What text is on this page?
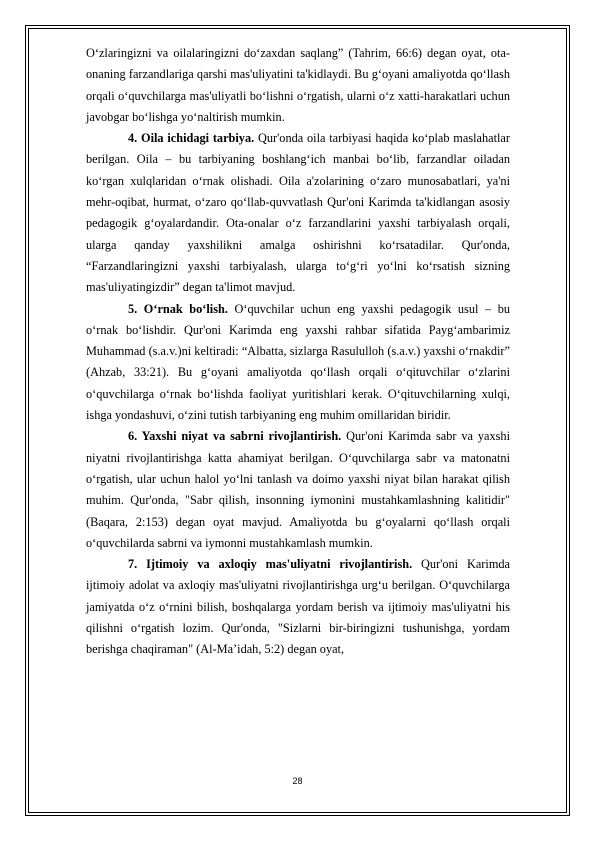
O‘zlaringizni va oilalaringizni do‘zaxdan saqlang” (Tahrim, 66:6) degan oyat, ota-onaning farzandlariga qarshi mas'uliyatini ta'kidlaydi. Bu g‘oyani amaliyotda qo‘llash orqali o‘quvchilarga mas'uliyatli bo‘lishni o‘rgatish, ularni o‘z xatti-harakatlari uchun javobgar bo‘lishga yo‘naltirish mumkin.

4. Oila ichidagi tarbiya. Qur'onda oila tarbiyasi haqida ko‘plab maslahatlar berilgan. Oila – bu tarbiyaning boshlang‘ich manbai bo‘lib, farzandlar oiladan ko‘rgan xulqlaridan o‘rnak olishadi. Oila a'zolarining o‘zaro munosabatlari, ya'ni mehr-oqibat, hurmat, o‘zaro qo‘llab-quvvatlash Qur'oni Karimda ta'kidlangan asosiy pedagogik g‘oyalardandir. Ota-onalar o‘z farzandlarini yaxshi tarbiyalash orqali, ularga qanday yaxshilikni amalga oshirishni ko‘rsatadilar. Qur'onda, “Farzandlaringizni yaxshi tarbiyalash, ularga to‘g‘ri yo‘lni ko‘rsatish sizning mas'uliyatingizdir” degan ta'limot mavjud.

5. O‘rnak bo‘lish. O‘quvchilar uchun eng yaxshi pedagogik usul – bu o‘rnak bo‘lishdir. Qur'oni Karimda eng yaxshi rahbar sifatida Payg‘ambarimiz Muhammad (s.a.v.)ni keltiradi: “Albatta, sizlarga Rasululloh (s.a.v.) yaxshi o‘rnakdir” (Ahzab, 33:21). Bu g‘oyani amaliyotda qo‘llash orqali o‘qituvchilar o‘zlarini o‘quvchilarga o‘rnak bo‘lishda faoliyat yuritishlari kerak. O‘qituvchilarning xulqi, ishga yondashuvi, o‘zini tutish tarbiyaning eng muhim omillaridan biridir.

6. Yaxshi niyat va sabrni rivojlantirish. Qur'oni Karimda sabr va yaxshi niyatni rivojlantirishga katta ahamiyat berilgan. O‘quvchilarga sabr va matonatni o‘rgatish, ular uchun halol yo‘lni tanlash va doimo yaxshi niyat bilan harakat qilish muhim. Qur'onda, "Sabr qilish, insonning iymonini mustahkamlashning kalitidir" (Baqara, 2:153) degan oyat mavjud. Amaliyotda bu g‘oyalarni qo‘llash orqali o‘quvchilarda sabrni va iymonni mustahkamlash mumkin.

7. Ijtimoiy va axloqiy mas'uliyatni rivojlantirish. Qur'oni Karimda ijtimoiy adolat va axloqiy mas'uliyatni rivojlantirishga urg‘u berilgan. O‘quvchilarga jamiyatda o‘z o‘rnini bilish, boshqalarga yordam berish va ijtimoiy mas'uliyatni his qilishni o‘rgatish lozim. Qur'onda, "Sizlarni bir-biringizni tushunishga, yordam berishga chaqiraman" (Al-Ma’idah, 5:2) degan oyat,

28
